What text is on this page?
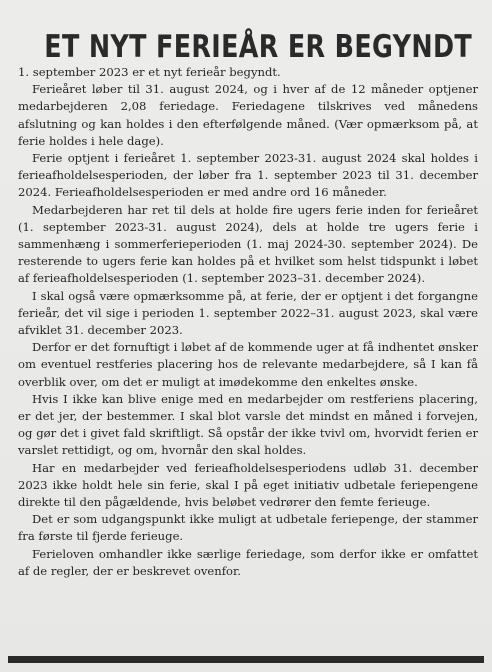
ET NYT FERIEÅR ER BEGYNDT

1. september 2023 er et nyt ferieår begyndt.

Ferieåret løber til 31. august 2024, og i hver af de 12 måneder optjener medarbejderen 2,08 feriedage. Feriedagene tilskrives ved månedens afslutning og kan holdes i den efterfølgende måned. (Vær opmærksom på, at ferie holdes i hele dage).

Ferie optjent i ferieåret 1. september 2023-31. august 2024 skal holdes i ferieafholdelsesperioden, der løber fra 1. september 2023 til 31. december 2024. Ferieafholdelsesperioden er med andre ord 16 måneder.

Medarbejderen har ret til dels at holde fire ugers ferie inden for ferieåret (1. september 2023-31. august 2024), dels at holde tre ugers ferie i sammenhæng i sommerferieperioden (1. maj 2024-30. september 2024). De resterende to ugers ferie kan holdes på et hvilket som helst tidspunkt i løbet af ferieafholdelsesperioden (1. september 2023–31. december 2024).

I skal også være opmærksomme på, at ferie, der er optjent i det forgangne ferieår, det vil sige i perioden 1. september 2022–31. august 2023, skal være afviklet 31. december 2023.

Derfor er det fornuftigt i løbet af de kommende uger at få indhentet ønsker om eventuel restferies placering hos de relevante medarbejdere, så I kan få overblik over, om det er muligt at imødekomme den enkeltes ønske.

Hvis I ikke kan blive enige med en medarbejder om restferiens placering, er det jer, der bestemmer. I skal blot varsle det mindst en måned i forvejen, og gør det i givet fald skriftligt. Så opstår der ikke tvivl om, hvorvidt ferien er varslet rettidigt, og om, hvornår den skal holdes.

Har en medarbejder ved ferieafholdelsesperiodens udløb 31. december 2023 ikke holdt hele sin ferie, skal I på eget initiativ udbetale feriepengene direkte til den pågældende, hvis beløbet vedrører den femte ferieuge.

Det er som udgangspunkt ikke muligt at udbetale feriepenge, der stammer fra første til fjerde ferieuge.

Ferieloven omhandler ikke særlige feriedage, som derfor ikke er omfattet af de regler, der er beskrevet ovenfor.
